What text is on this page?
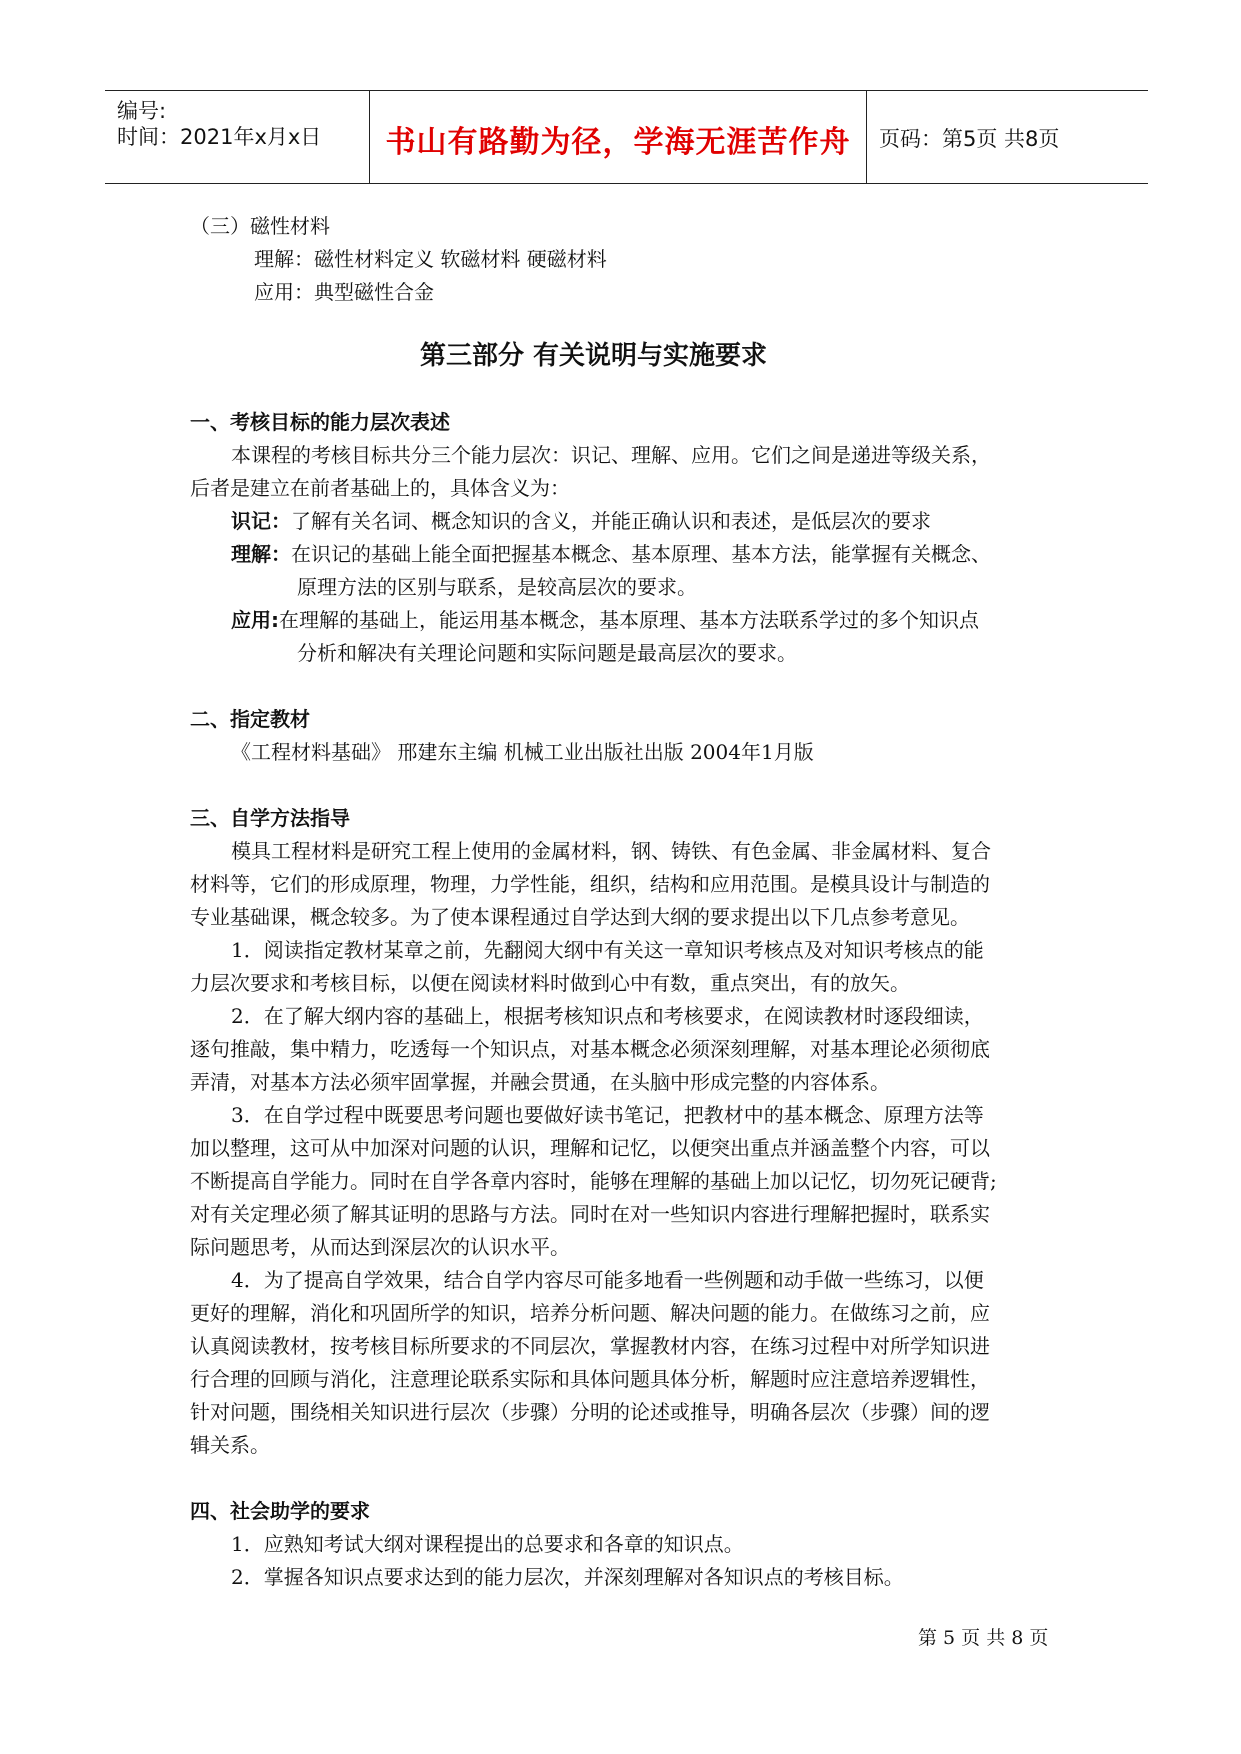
编号:
时间：2021年x月x日	书山有路勤为径，学海无涯苦作舟	页码：第5页 共8页
（三）磁性材料
理解：磁性材料定义 软磁材料 硬磁材料
应用：典型磁性合金
第三部分 有关说明与实施要求
一、考核目标的能力层次表述
本课程的考核目标共分三个能力层次：识记、理解、应用。它们之间是递进等级关系，
后者是建立在前者基础上的，具体含义为：
识记：了解有关名词、概念知识的含义，并能正确认识和表述，是低层次的要求
理解：在识记的基础上能全面把握基本概念、基本原理、基本方法，能掌握有关概念、
原理方法的区别与联系，是较高层次的要求。
应用:在理解的基础上，能运用基本概念，基本原理、基本方法联系学过的多个知识点
分析和解决有关理论问题和实际问题是最高层次的要求。
二、指定教材
《工程材料基础》 邢建东主编 机械工业出版社出版 2004年1月版
三、自学方法指导
模具工程材料是研究工程上使用的金属材料，钢、铸铁、有色金属、非金属材料、复合
材料等，它们的形成原理，物理，力学性能，组织，结构和应用范围。是模具设计与制造的
专业基础课，概念较多。为了使本课程通过自学达到大纲的要求提出以下几点参考意见。
1．阅读指定教材某章之前，先翻阅大纲中有关这一章知识考核点及对知识考核点的能
力层次要求和考核目标，以便在阅读材料时做到心中有数，重点突出，有的放矢。
2．在了解大纲内容的基础上，根据考核知识点和考核要求，在阅读教材时逐段细读，
逐句推敲，集中精力，吃透每一个知识点，对基本概念必须深刻理解，对基本理论必须彻底
弄清，对基本方法必须牢固掌握，并融会贯通，在头脑中形成完整的内容体系。
3．在自学过程中既要思考问题也要做好读书笔记，把教材中的基本概念、原理方法等
加以整理，这可从中加深对问题的认识，理解和记忆，以便突出重点并涵盖整个内容，可以
不断提高自学能力。同时在自学各章内容时，能够在理解的基础上加以记忆，切勿死记硬背;
对有关定理必须了解其证明的思路与方法。同时在对一些知识内容进行理解把握时，联系实
际问题思考，从而达到深层次的认识水平。
4．为了提高自学效果，结合自学内容尽可能多地看一些例题和动手做一些练习，以便
更好的理解，消化和巩固所学的知识，培养分析问题、解决问题的能力。在做练习之前，应
认真阅读教材，按考核目标所要求的不同层次，掌握教材内容，在练习过程中对所学知识进
行合理的回顾与消化，注意理论联系实际和具体问题具体分析，解题时应注意培养逻辑性，
针对问题，围绕相关知识进行层次（步骤）分明的论述或推导，明确各层次（步骤）间的逻
辑关系。
四、社会助学的要求
1．应熟知考试大纲对课程提出的总要求和各章的知识点。
2．掌握各知识点要求达到的能力层次，并深刻理解对各知识点的考核目标。
第 5 页 共 8 页
